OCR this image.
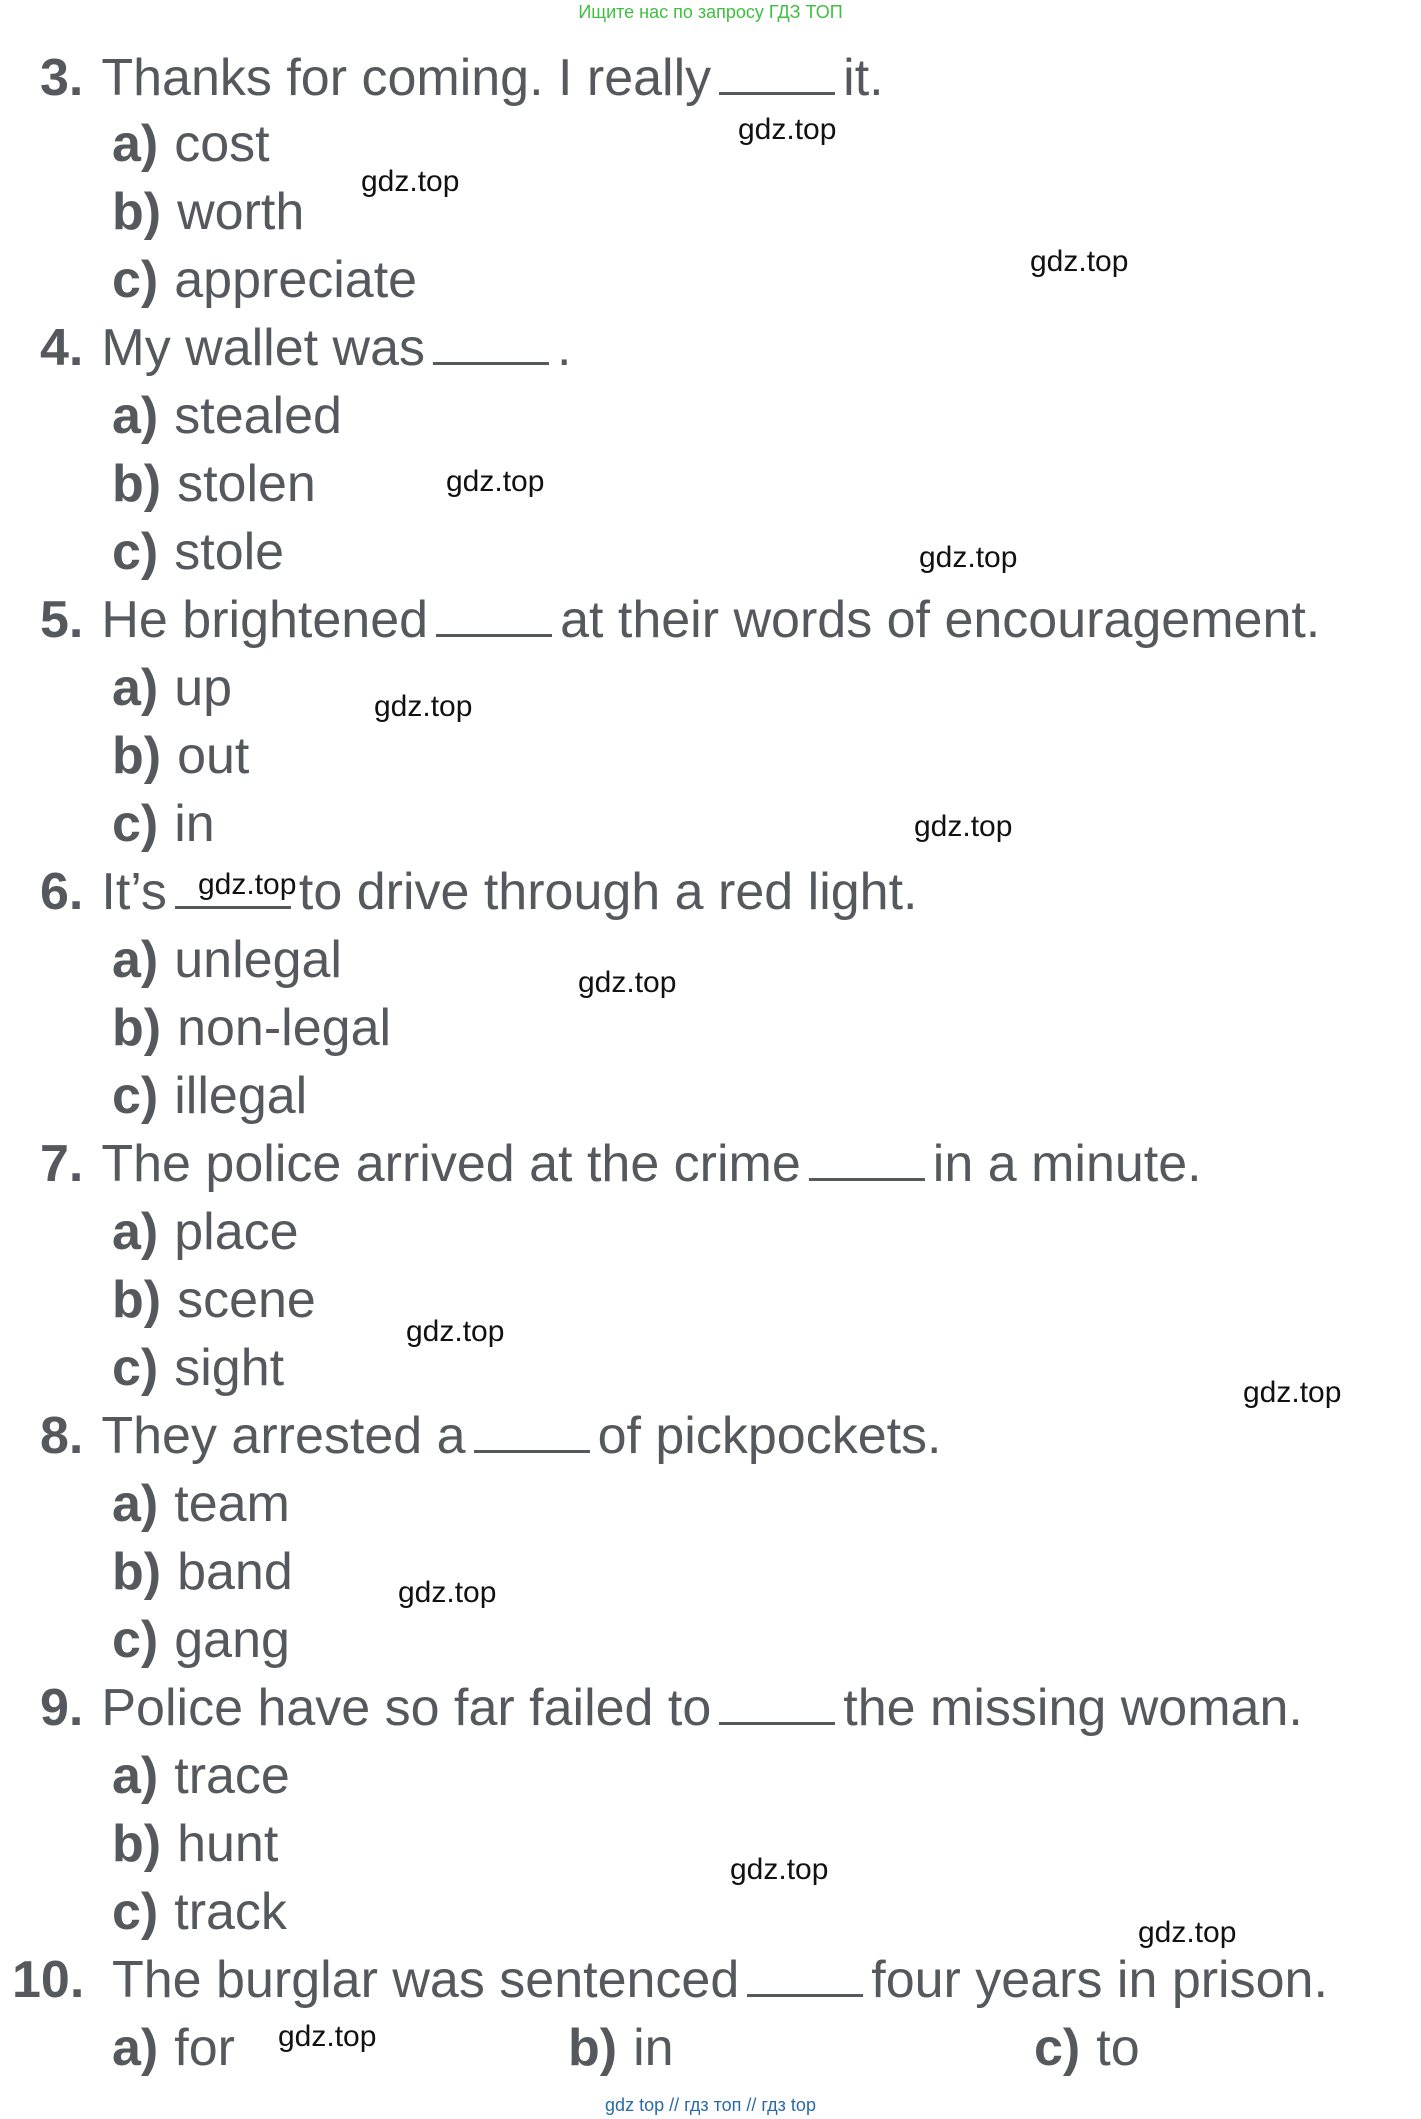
Ищите нас по запросу ГДЗ ТОП
3. Thanks for coming. I really	it.
a) cost
b) worth
c) appreciate
4. My wallet was	.
a) stealed
b) stolen
c) stole
5. He brightened	at their words of encouragement.
a) up
b) out
c) in
6. It’s	to drive through a red light.
a) unlegal
b) non-legal
c) illegal
7. The police arrived at the crime	in a minute.
a) place
b) scene
c) sight
8. They arrested a	of pickpockets.
a) team
b) band
c) gang
9. Police have so far failed to	the missing woman.
a) trace
b) hunt
c) track
10. The burglar was sentenced	four years in prison.
a) for	b) in	c) to
gdz.top
gdz.top
gdz.top
gdz.top
gdz.top
gdz.top
gdz.top
gdz.top
gdz.top
gdz.top
gdz.top
gdz.top
gdz.top
gdz.top
gdz.top
gdz top // гдз топ // гдз top
